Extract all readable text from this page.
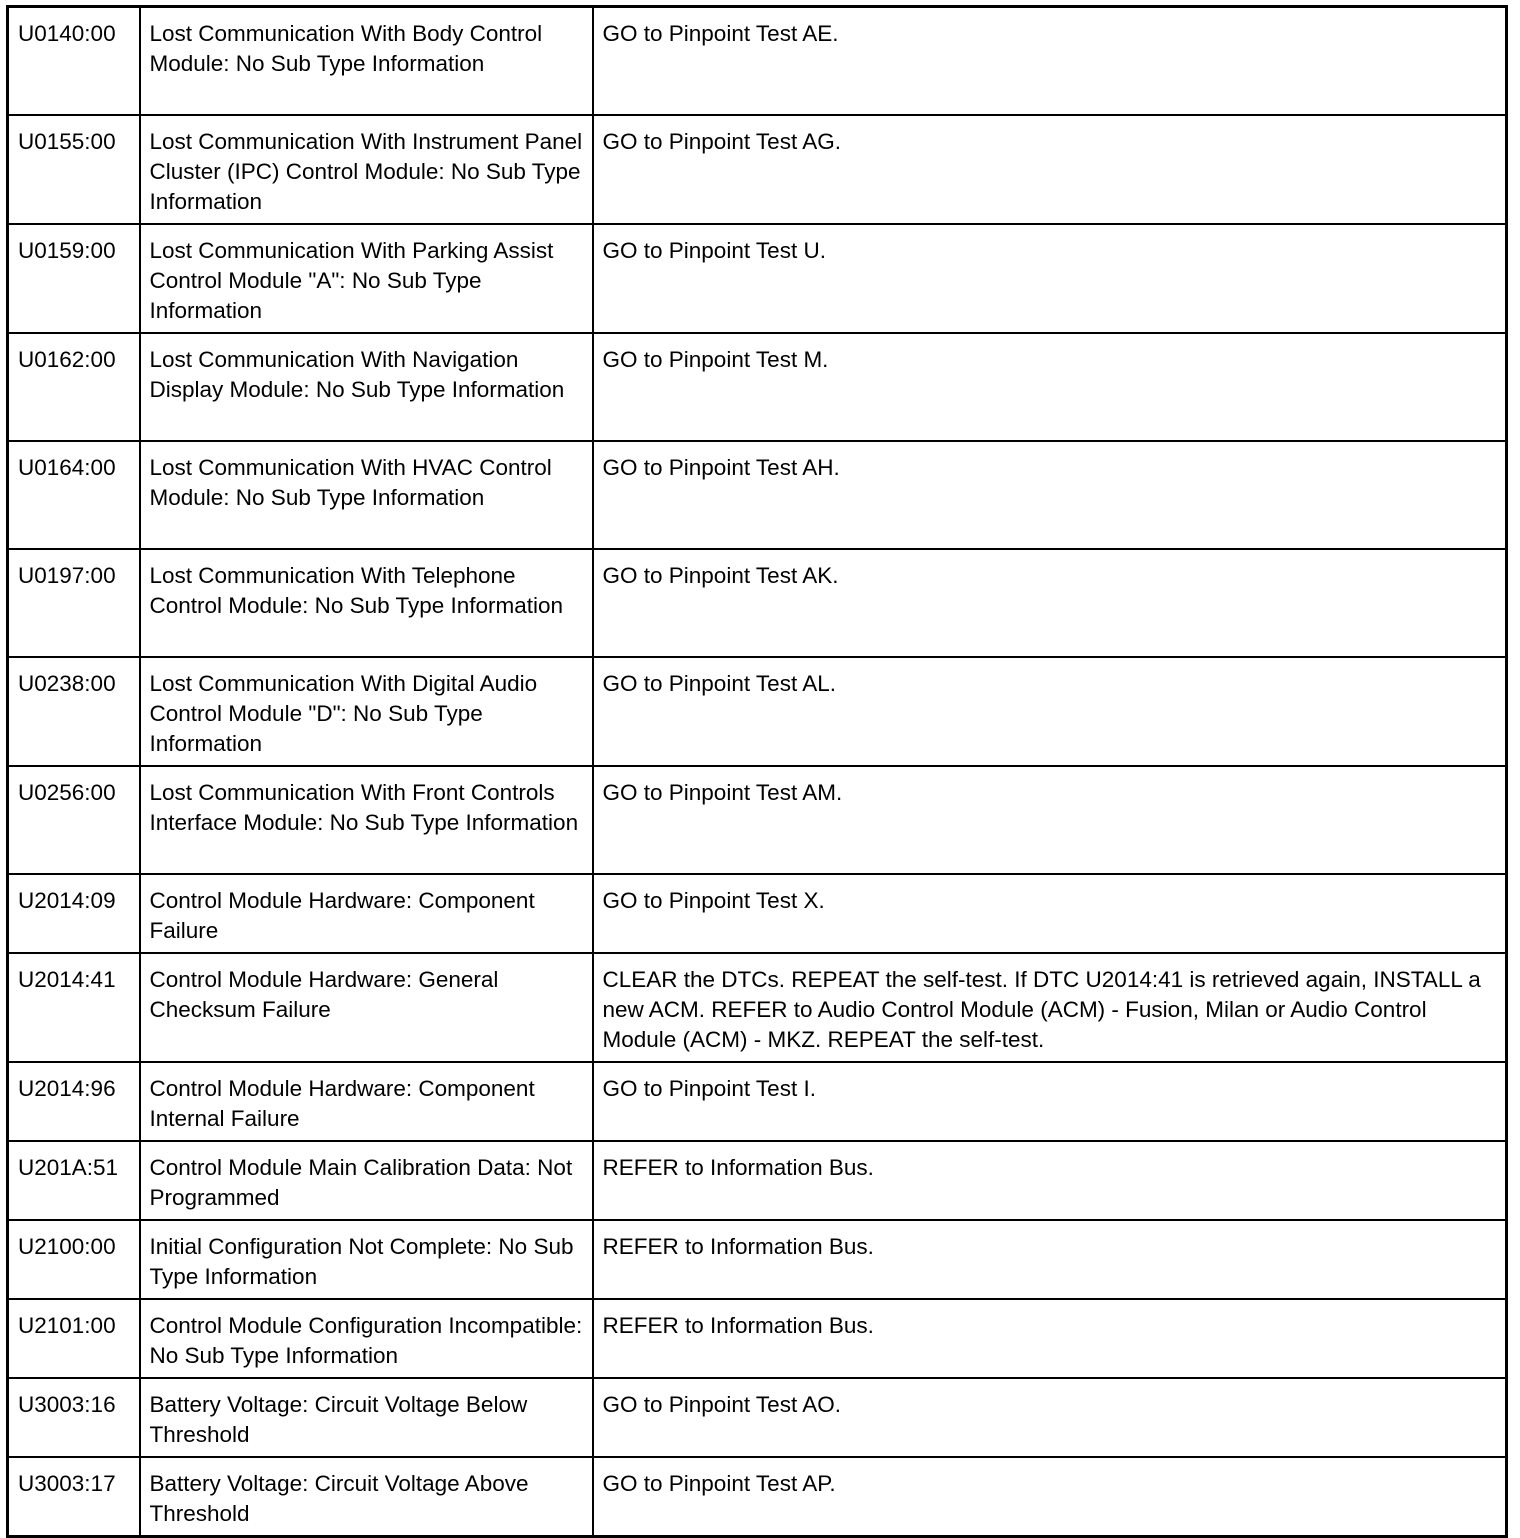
U0140:00	Lost Communication With Body Control Module: No Sub Type Information	GO to Pinpoint Test AE.
U0155:00	Lost Communication With Instrument Panel Cluster (IPC) Control Module: No Sub Type Information	GO to Pinpoint Test AG.
U0159:00	Lost Communication With Parking Assist Control Module "A": No Sub Type Information	GO to Pinpoint Test U.
U0162:00	Lost Communication With Navigation Display Module: No Sub Type Information	GO to Pinpoint Test M.
U0164:00	Lost Communication With HVAC Control Module: No Sub Type Information	GO to Pinpoint Test AH.
U0197:00	Lost Communication With Telephone Control Module: No Sub Type Information	GO to Pinpoint Test AK.
U0238:00	Lost Communication With Digital Audio Control Module "D": No Sub Type Information	GO to Pinpoint Test AL.
U0256:00	Lost Communication With Front Controls Interface Module: No Sub Type Information	GO to Pinpoint Test AM.
U2014:09	Control Module Hardware: Component Failure	GO to Pinpoint Test X.
U2014:41	Control Module Hardware: General Checksum Failure	CLEAR the DTCs. REPEAT the self-test. If DTC U2014:41 is retrieved again, INSTALL a new ACM. REFER to Audio Control Module (ACM) - Fusion, Milan or Audio Control Module (ACM) - MKZ. REPEAT the self-test.
U2014:96	Control Module Hardware: Component Internal Failure	GO to Pinpoint Test I.
U201A:51	Control Module Main Calibration Data: Not Programmed	REFER to Information Bus.
U2100:00	Initial Configuration Not Complete: No Sub Type Information	REFER to Information Bus.
U2101:00	Control Module Configuration Incompatible: No Sub Type Information	REFER to Information Bus.
U3003:16	Battery Voltage: Circuit Voltage Below Threshold	GO to Pinpoint Test AO.
U3003:17	Battery Voltage: Circuit Voltage Above Threshold	GO to Pinpoint Test AP.
